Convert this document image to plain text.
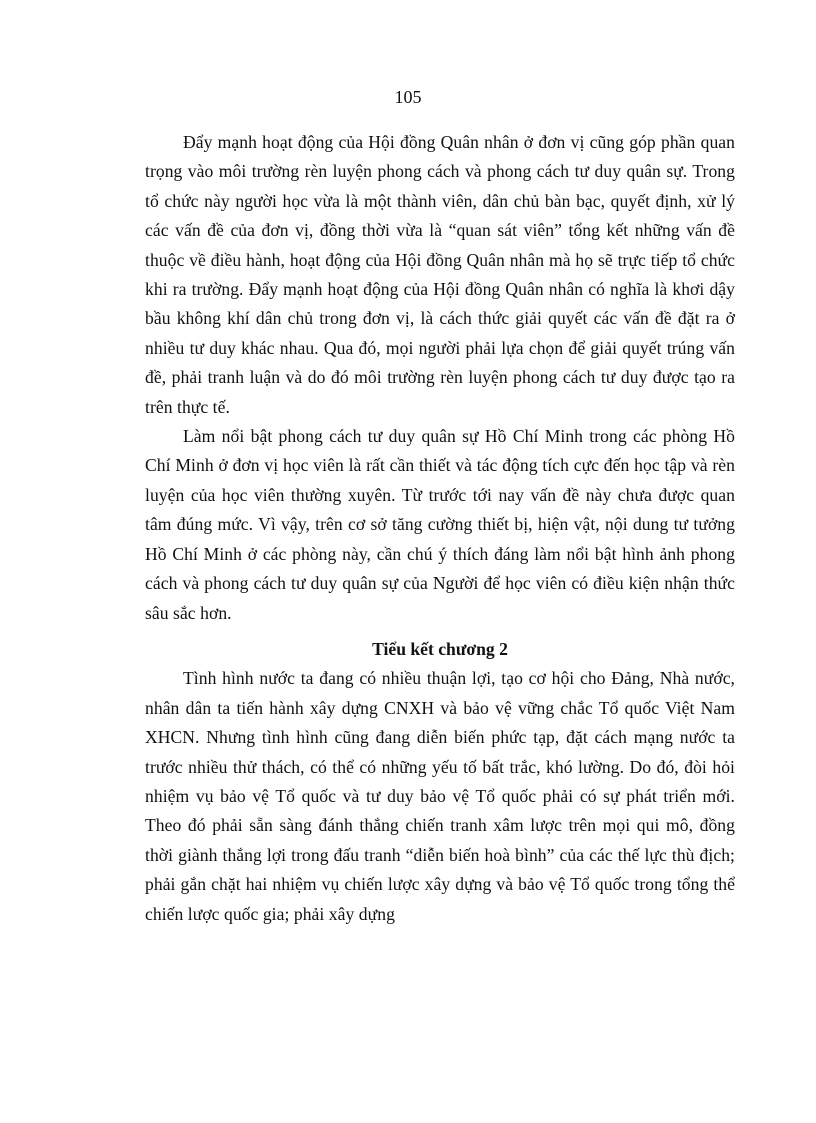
105

Đẩy mạnh hoạt động của Hội đồng Quân nhân ở đơn vị cũng góp phần quan trọng vào môi trường rèn luyện phong cách và phong cách tư duy quân sự. Trong tổ chức này người học vừa là một thành viên, dân chủ bàn bạc, quyết định, xử lý các vấn đề của đơn vị, đồng thời vừa là “quan sát viên” tổng kết những vấn đề thuộc về điều hành, hoạt động của Hội đồng Quân nhân mà họ sẽ trực tiếp tổ chức khi ra trường. Đẩy mạnh hoạt động của Hội đồng Quân nhân có nghĩa là khơi dậy bầu không khí dân chủ trong đơn vị, là cách thức giải quyết các vấn đề đặt ra ở nhiều tư duy khác nhau. Qua đó, mọi người phải lựa chọn để giải quyết trúng vấn đề, phải tranh luận và do đó môi trường rèn luyện phong cách tư duy được tạo ra trên thực tế.

Làm nổi bật phong cách tư duy quân sự Hồ Chí Minh trong các phòng Hồ Chí Minh ở đơn vị học viên là rất cần thiết và tác động tích cực đến học tập và rèn luyện của học viên thường xuyên. Từ trước tới nay vấn đề này chưa được quan tâm đúng mức. Vì vậy, trên cơ sở tăng cường thiết bị, hiện vật, nội dung tư tưởng Hồ Chí Minh ở các phòng này, cần chú ý thích đáng làm nổi bật hình ảnh phong cách và phong cách tư duy quân sự của Người để học viên có điều kiện nhận thức sâu sắc hơn.

Tiểu kết chương 2

Tình hình nước ta đang có nhiều thuận lợi, tạo cơ hội cho Đảng, Nhà nước, nhân dân ta tiến hành xây dựng CNXH và bảo vệ vững chắc Tổ quốc Việt Nam XHCN. Nhưng tình hình cũng đang diễn biến phức tạp, đặt cách mạng nước ta trước nhiều thử thách, có thể có những yếu tố bất trắc, khó lường. Do đó, đòi hỏi nhiệm vụ bảo vệ Tổ quốc và tư duy bảo vệ Tổ quốc phải có sự phát triển mới. Theo đó phải sẵn sàng đánh thắng chiến tranh xâm lược trên mọi qui mô, đồng thời giành thắng lợi trong đấu tranh “diễn biến hoà bình” của các thế lực thù địch; phải gắn chặt hai nhiệm vụ chiến lược xây dựng và bảo vệ Tổ quốc trong tổng thể chiến lược quốc gia; phải xây dựng
